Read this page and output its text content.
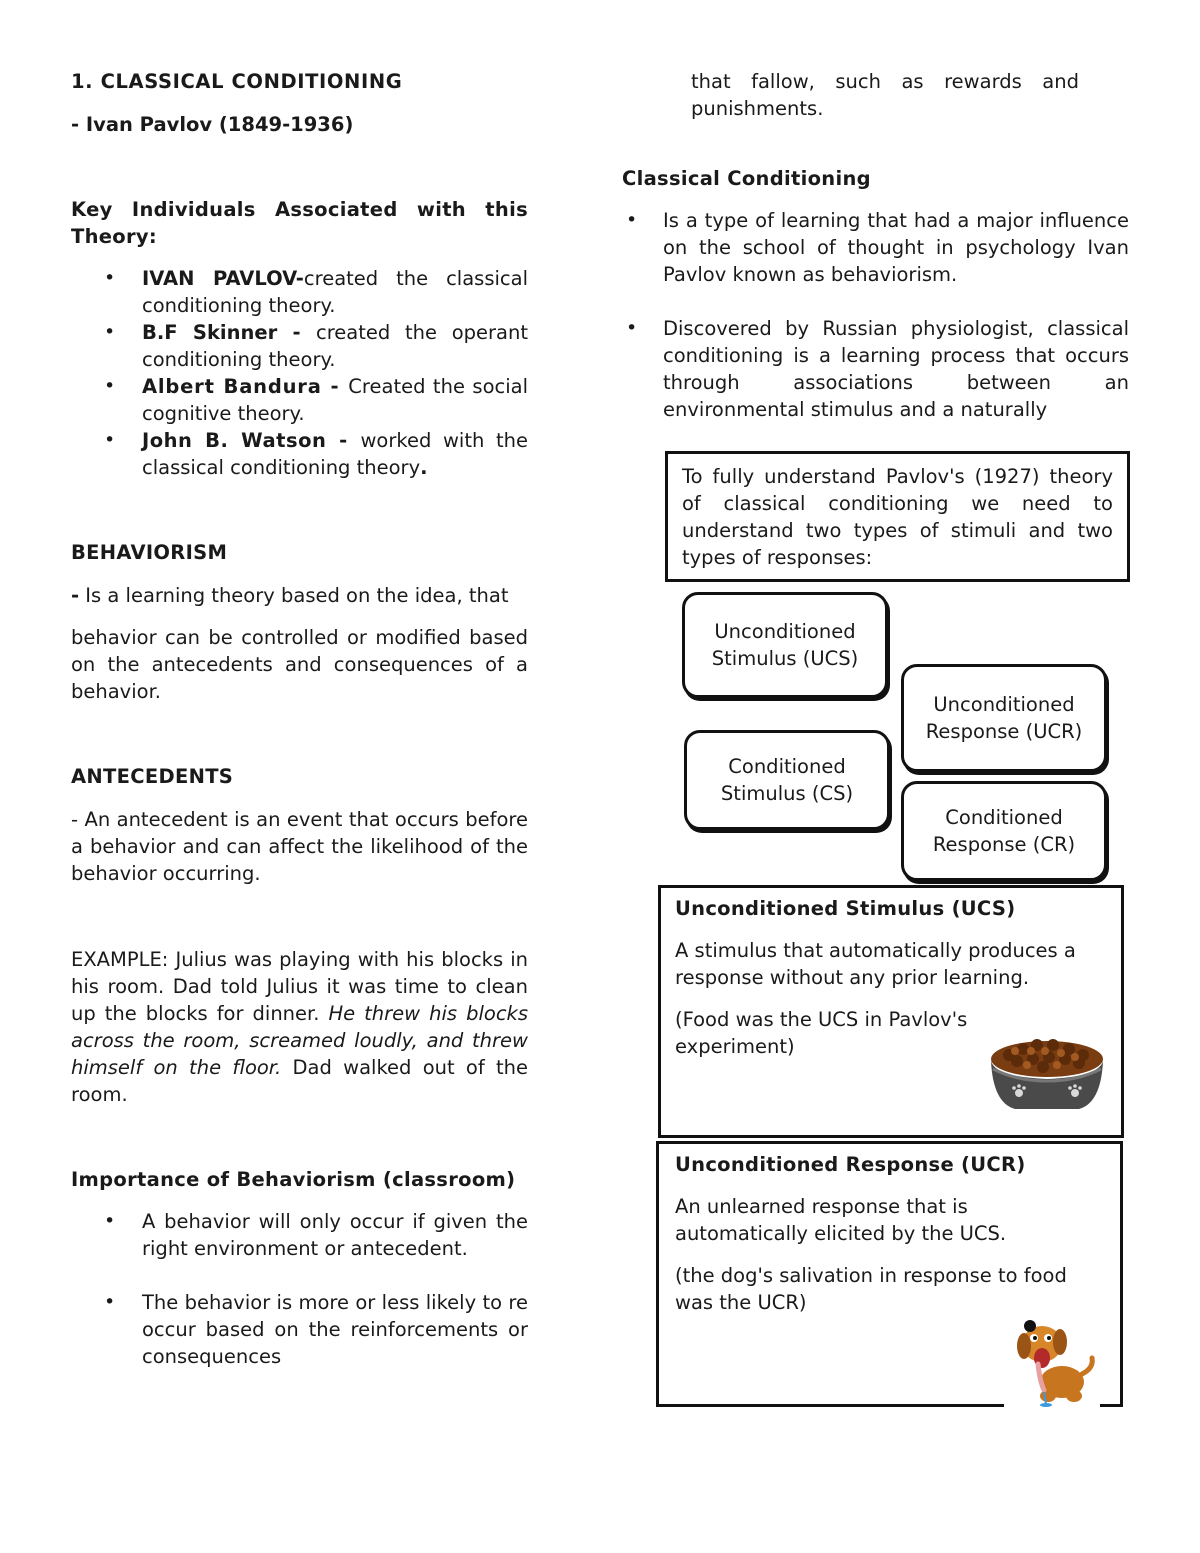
1. CLASSICAL CONDITIONING

- Ivan Pavlov (1849-1936)

Key Individuals Associated with this Theory:

• IVAN PAVLOV-created the classical conditioning theory.
• B.F Skinner - created the operant conditioning theory.
• Albert Bandura - Created the social cognitive theory.
• John B. Watson - worked with the classical conditioning theory.

BEHAVIORISM

- Is a learning theory based on the idea, that

behavior can be controlled or modified based on the antecedents and consequences of a behavior.

ANTECEDENTS

- An antecedent is an event that occurs before a behavior and can affect the likelihood of the behavior occurring.

EXAMPLE: Julius was playing with his blocks in his room. Dad told Julius it was time to clean up the blocks for dinner. He threw his blocks across the room, screamed loudly, and threw himself on the floor. Dad walked out of the room.

Importance of Behaviorism (classroom)

• A behavior will only occur if given the right environment or antecedent.
• The behavior is more or less likely to re occur based on the reinforcements or consequences

that fallow, such as rewards and punishments.

Classical Conditioning

• Is a type of learning that had a major influence on the school of thought in psychology Ivan Pavlov known as behaviorism.
• Discovered by Russian physiologist, classical conditioning is a learning process that occurs through associations between an environmental stimulus and a naturally

To fully understand Pavlov's (1927) theory of classical conditioning we need to understand two types of stimuli and two types of responses:

Unconditioned Stimulus (UCS)
Unconditioned Response (UCR)
Conditioned Stimulus (CS)
Conditioned Response (CR)

Unconditioned Stimulus (UCS)

A stimulus that automatically produces a response without any prior learning.

(Food was the UCS in Pavlov's experiment)

Unconditioned Response (UCR)

An unlearned response that is automatically elicited by the UCS.

(the dog's salivation in response to food was the UCR)
